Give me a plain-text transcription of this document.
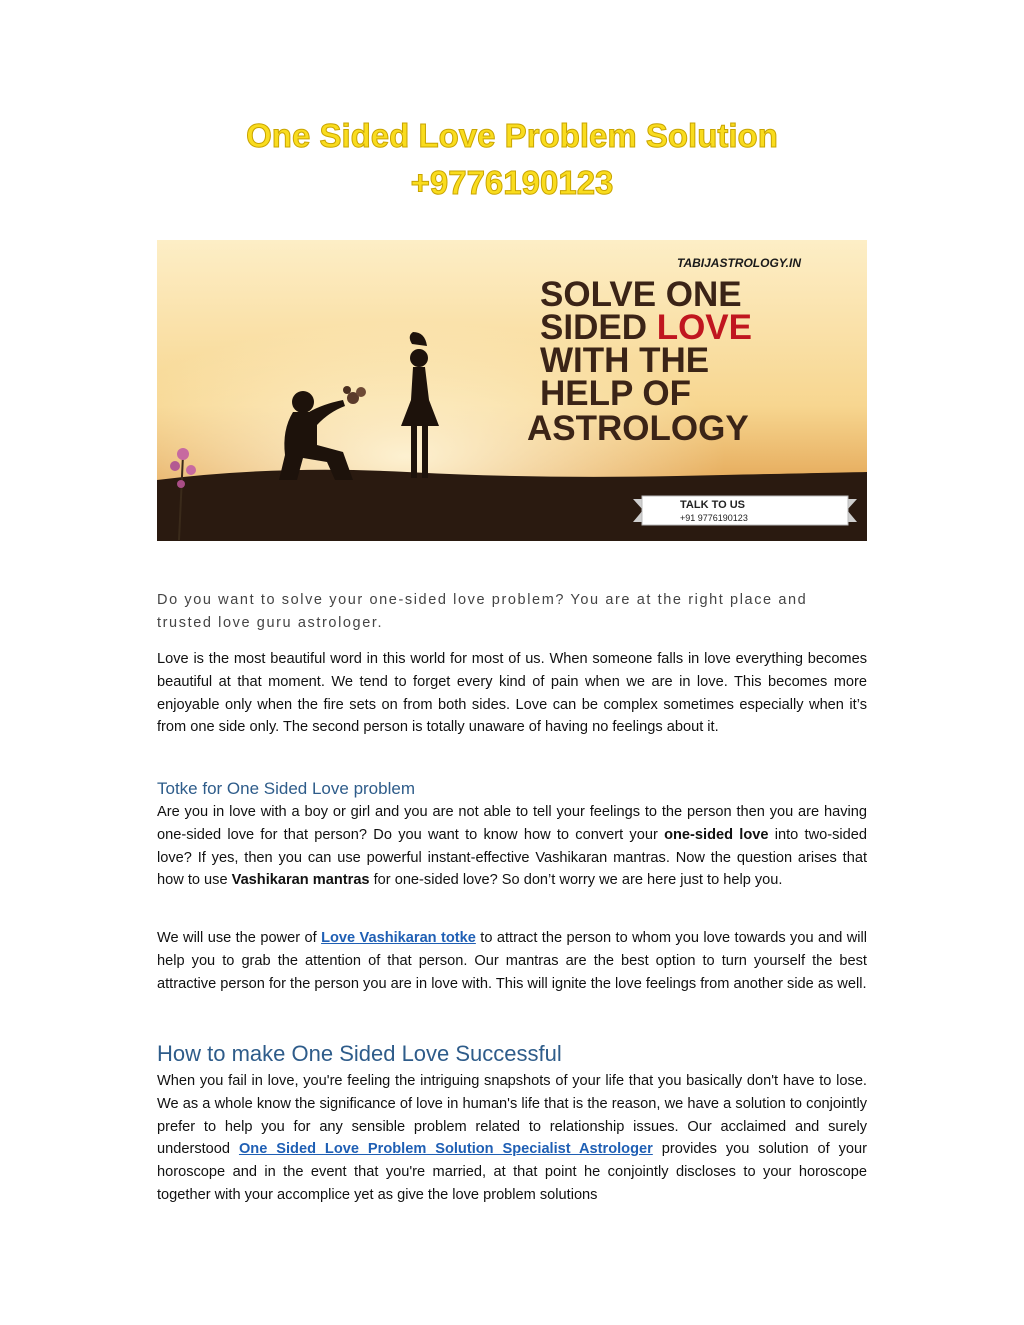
One Sided Love Problem Solution
+9776190123
TABIJASTROLOGY.IN
SOLVE ONE
SIDED LOVE
WITH THE
HELP OF
ASTROLOGY
TALK TO US
+91 9776190123
Do you want to solve your one-sided love problem? You are at the right place and trusted love guru astrologer.
Love is the most beautiful word in this world for most of us. When someone falls in love everything becomes beautiful at that moment. We tend to forget every kind of pain when we are in love. This becomes more enjoyable only when the fire sets on from both sides. Love can be complex sometimes especially when it’s from one side only. The second person is totally unaware of having no feelings about it.
Totke for One Sided Love problem
Are you in love with a boy or girl and you are not able to tell your feelings to the person then you are having one-sided love for that person? Do you want to know how to convert your one-sided love into two-sided love? If yes, then you can use powerful instant-effective Vashikaran mantras. Now the question arises that how to use Vashikaran mantras for one-sided love? So don’t worry we are here just to help you.
We will use the power of Love Vashikaran totke to attract the person to whom you love towards you and will help you to grab the attention of that person. Our mantras are the best option to turn yourself the best attractive person for the person you are in love with. This will ignite the love feelings from another side as well.
How to make One Sided Love Successful
When you fail in love, you're feeling the intriguing snapshots of your life that you basically don't have to lose. We as a whole know the significance of love in human's life that is the reason, we have a solution to conjointly prefer to help you for any sensible problem related to relationship issues. Our acclaimed and surely understood One Sided Love Problem Solution Specialist Astrologer provides you solution of your horoscope and in the event that you're married, at that point he conjointly discloses to your horoscope together with your accomplice yet as give the love problem solutions
